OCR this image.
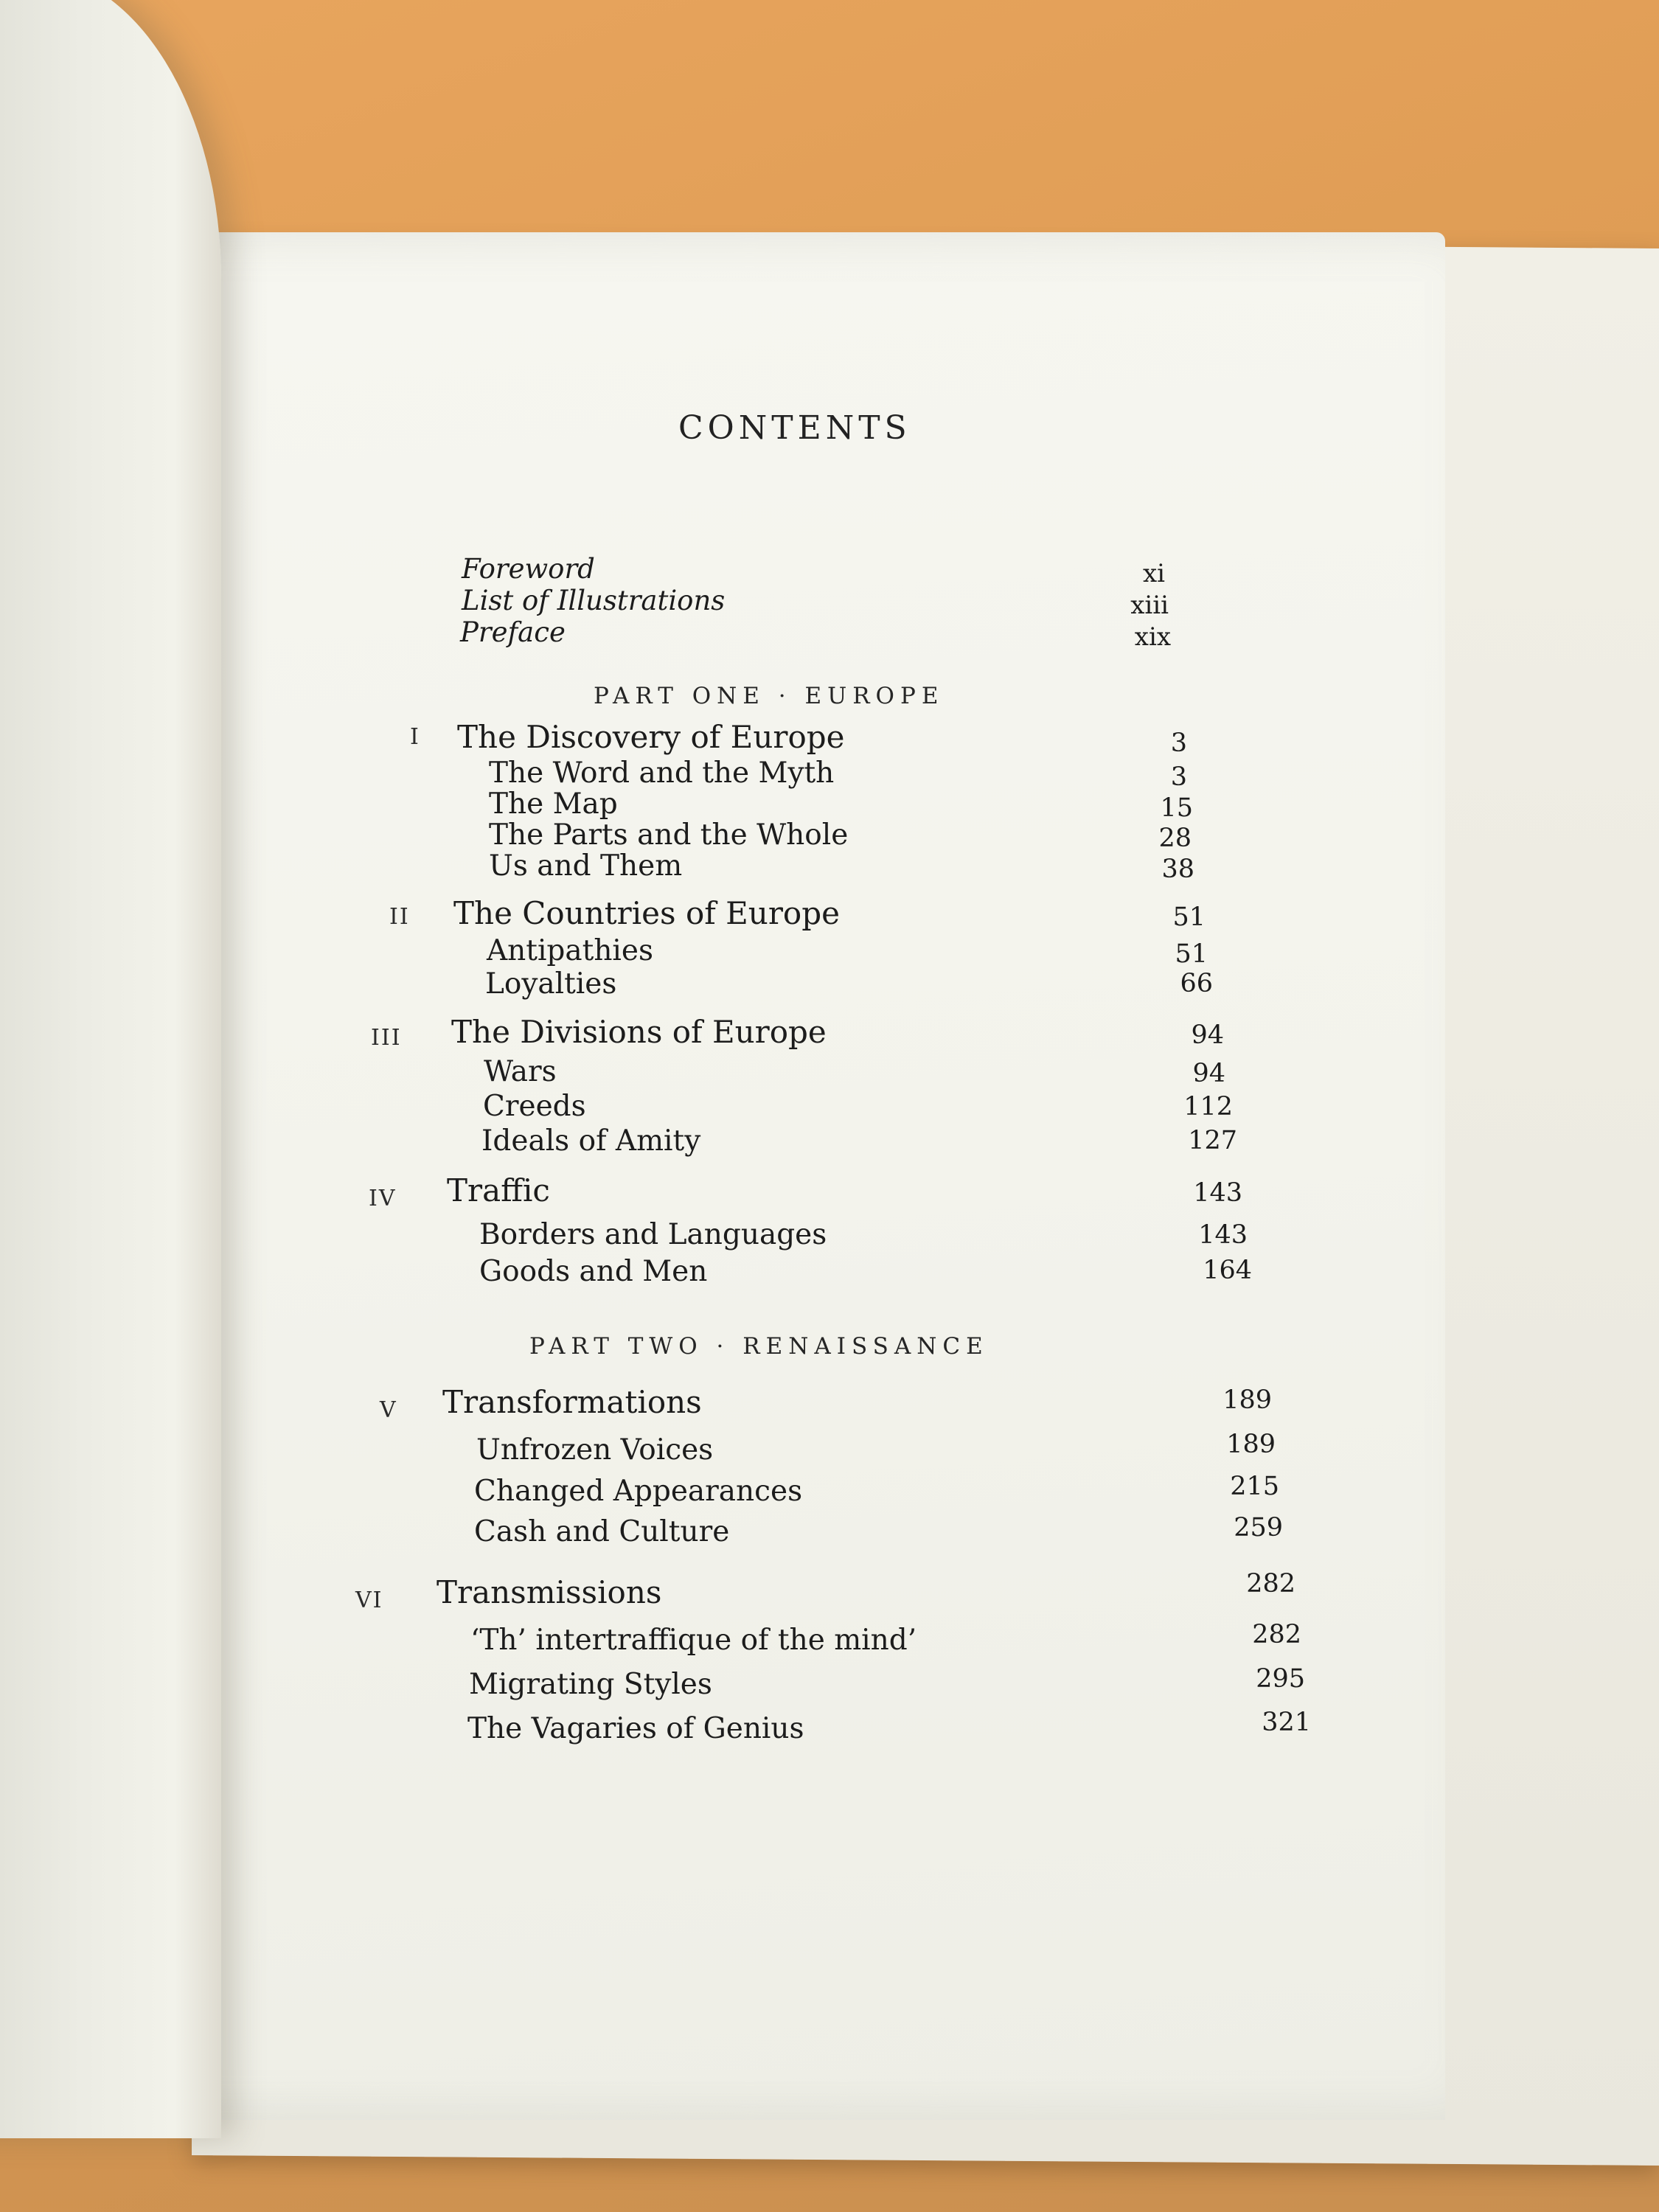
CONTENTS
Foreword	xi
List of Illustrations	xiii
Preface	xix
PART ONE · EUROPE
I The Discovery of Europe	3
The Word and the Myth	3
The Map	15
The Parts and the Whole	28
Us and Them	38
II The Countries of Europe	51
Antipathies	51
Loyalties	66
III The Divisions of Europe	94
Wars	94
Creeds	112
Ideals of Amity	127
IV Traffic	143
Borders and Languages	143
Goods and Men	164
PART TWO · RENAISSANCE
V Transformations	189
Unfrozen Voices	189
Changed Appearances	215
Cash and Culture	259
VI Transmissions	282
‘Th’ intertraffique of the mind’	282
Migrating Styles	295
The Vagaries of Genius	321
